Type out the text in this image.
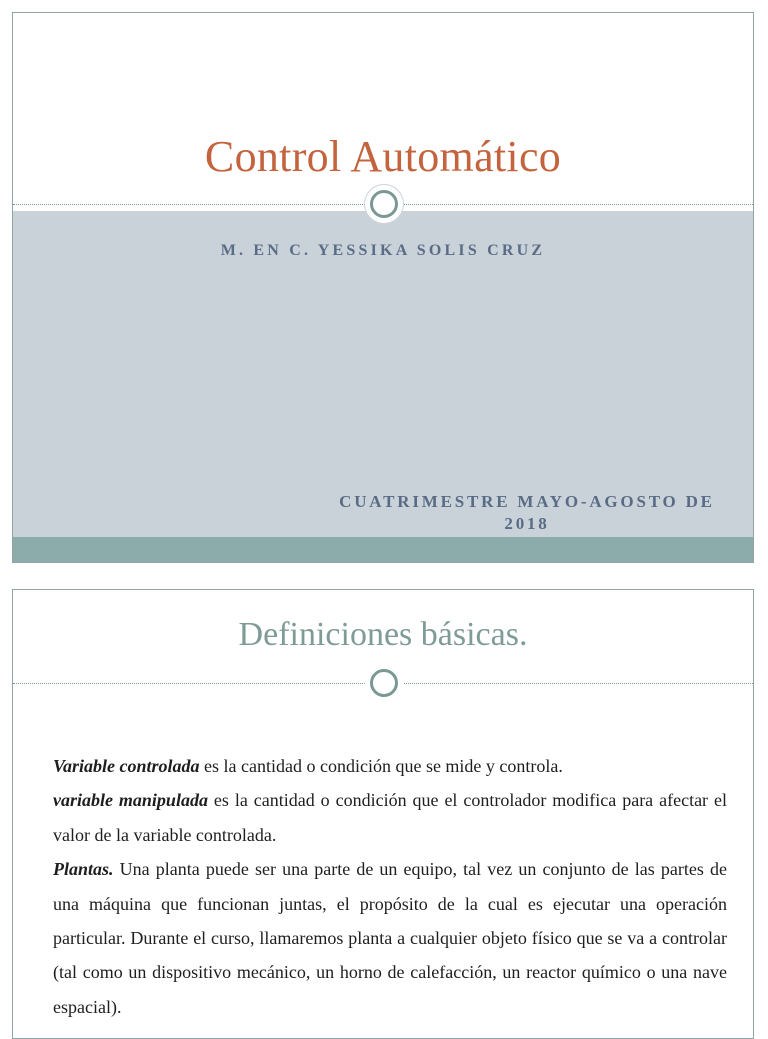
Control Automático
M. EN C. YESSIKA SOLIS CRUZ
CUATRIMESTRE MAYO-AGOSTO DE 2018
Definiciones básicas.

Variable controlada es la cantidad o condición que se mide y controla.

variable manipulada es la cantidad o condición que el controlador modifica para afectar el valor de la variable controlada.

Plantas. Una planta puede ser una parte de un equipo, tal vez un conjunto de las partes de una máquina que funcionan juntas, el propósito de la cual es ejecutar una operación particular. Durante el curso, llamaremos planta a cualquier objeto físico que se va a controlar (tal como un dispositivo mecánico, un horno de calefacción, un reactor químico o una nave espacial).
